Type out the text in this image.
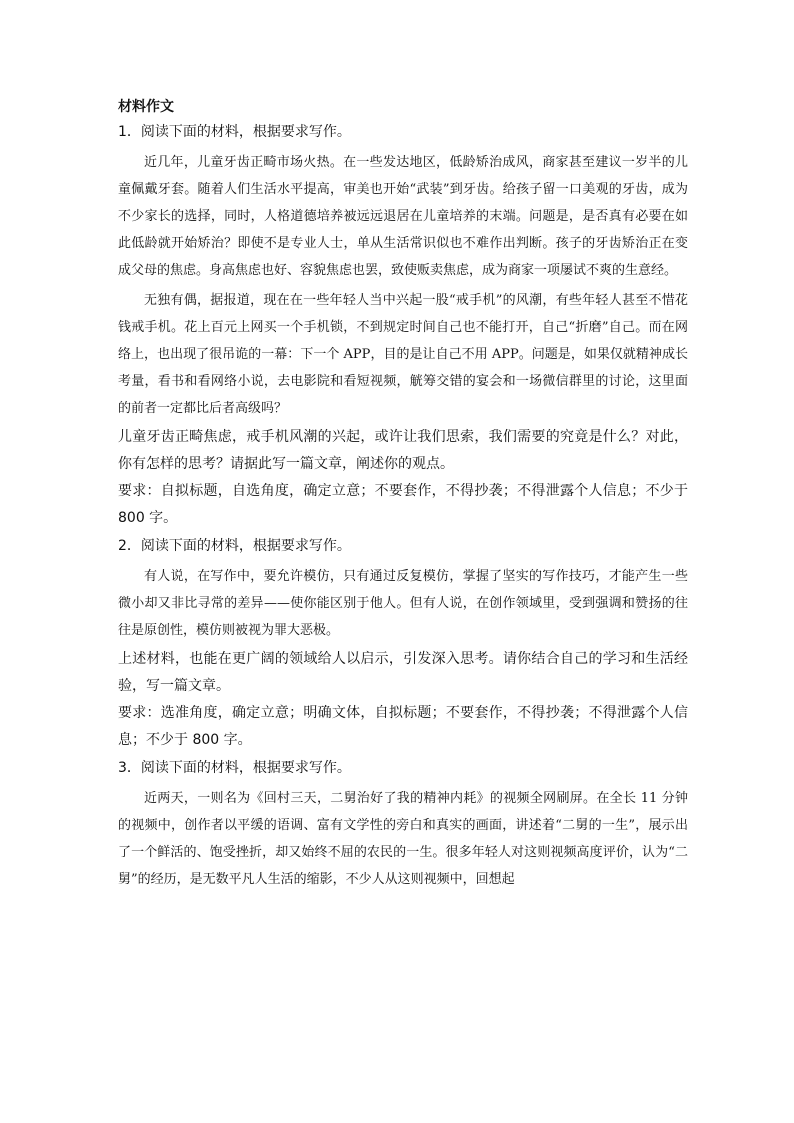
材料作文
1．阅读下面的材料，根据要求写作。

近几年，儿童牙齿正畸市场火热。在一些发达地区，低龄矫治成风，商家甚至建议一岁半的儿童佩戴牙套。随着人们生活水平提高，审美也开始“武装”到牙齿。给孩子留一口美观的牙齿，成为不少家长的选择，同时，人格道德培养被远远退居在儿童培养的末端。问题是，是否真有必要在如此低龄就开始矫治？即使不是专业人士，单从生活常识似也不难作出判断。孩子的牙齿矫治正在变成父母的焦虑。身高焦虑也好、容貌焦虑也罢，致使贩卖焦虑，成为商家一项屡试不爽的生意经。

无独有偶，据报道，现在在一些年轻人当中兴起一股“戒手机”的风潮，有些年轻人甚至不惜花钱戒手机。花上百元上网买一个手机锁，不到规定时间自己也不能打开，自己“折磨”自己。而在网络上，也出现了很吊诡的一幕：下一个 APP，目的是让自己不用 APP。问题是，如果仅就精神成长考量，看书和看网络小说，去电影院和看短视频，觥筹交错的宴会和一场微信群里的讨论，这里面的前者一定都比后者高级吗？

儿童牙齿正畸焦虑，戒手机风潮的兴起，或许让我们思索，我们需要的究竟是什么？对此，你有怎样的思考？请据此写一篇文章，阐述你的观点。

要求：自拟标题，自选角度，确定立意；不要套作，不得抄袭；不得泄露个人信息；不少于 800 字。

2．阅读下面的材料，根据要求写作。

有人说，在写作中，要允许模仿，只有通过反复模仿，掌握了坚实的写作技巧，才能产生一些微小却又非比寻常的差异——使你能区别于他人。但有人说，在创作领域里，受到强调和赞扬的往往是原创性，模仿则被视为罪大恶极。

上述材料，也能在更广阔的领域给人以启示，引发深入思考。请你结合自己的学习和生活经验，写一篇文章。

要求：选准角度，确定立意；明确文体，自拟标题；不要套作，不得抄袭；不得泄露个人信息；不少于 800 字。

3．阅读下面的材料，根据要求写作。

近两天，一则名为《回村三天，二舅治好了我的精神内耗》的视频全网刷屏。在全长 11 分钟的视频中，创作者以平缓的语调、富有文学性的旁白和真实的画面，讲述着“二舅的一生”，展示出了一个鲜活的、饱受挫折，却又始终不屈的农民的一生。很多年轻人对这则视频高度评价，认为“二舅”的经历，是无数平凡人生活的缩影，不少人从这则视频中，回想起
